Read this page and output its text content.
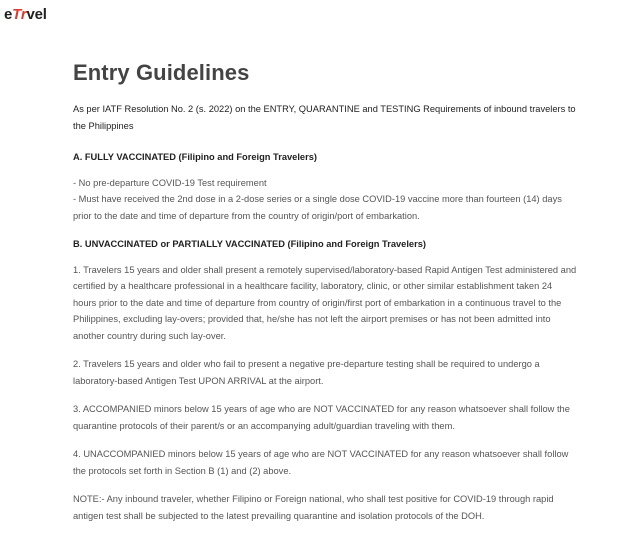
e Tr vel
Entry Guidelines

As per IATF Resolution No. 2 (s. 2022) on the ENTRY, QUARANTINE and TESTING Requirements of inbound travelers to the Philippines

A. FULLY VACCINATED (Filipino and Foreign Travelers)

- No pre-departure COVID-19 Test requirement
- Must have received the 2nd dose in a 2-dose series or a single dose COVID-19 vaccine more than fourteen (14) days prior to the date and time of departure from the country of origin/port of embarkation.

B. UNVACCINATED or PARTIALLY VACCINATED (Filipino and Foreign Travelers)

1. Travelers 15 years and older shall present a remotely supervised/laboratory-based Rapid Antigen Test administered and certified by a healthcare professional in a healthcare facility, laboratory, clinic, or other similar establishment taken 24 hours prior to the date and time of departure from country of origin/first port of embarkation in a continuous travel to the Philippines, excluding lay-overs; provided that, he/she has not left the airport premises or has not been admitted into another country during such lay-over.

2. Travelers 15 years and older who fail to present a negative pre-departure testing shall be required to undergo a laboratory-based Antigen Test UPON ARRIVAL at the airport.

3. ACCOMPANIED minors below 15 years of age who are NOT VACCINATED for any reason whatsoever shall follow the quarantine protocols of their parent/s or an accompanying adult/guardian traveling with them.

4. UNACCOMPANIED minors below 15 years of age who are NOT VACCINATED for any reason whatsoever shall follow the protocols set forth in Section B (1) and (2) above.

NOTE:- Any inbound traveler, whether Filipino or Foreign national, who shall test positive for COVID-19 through rapid antigen test shall be subjected to the latest prevailing quarantine and isolation protocols of the DOH.
